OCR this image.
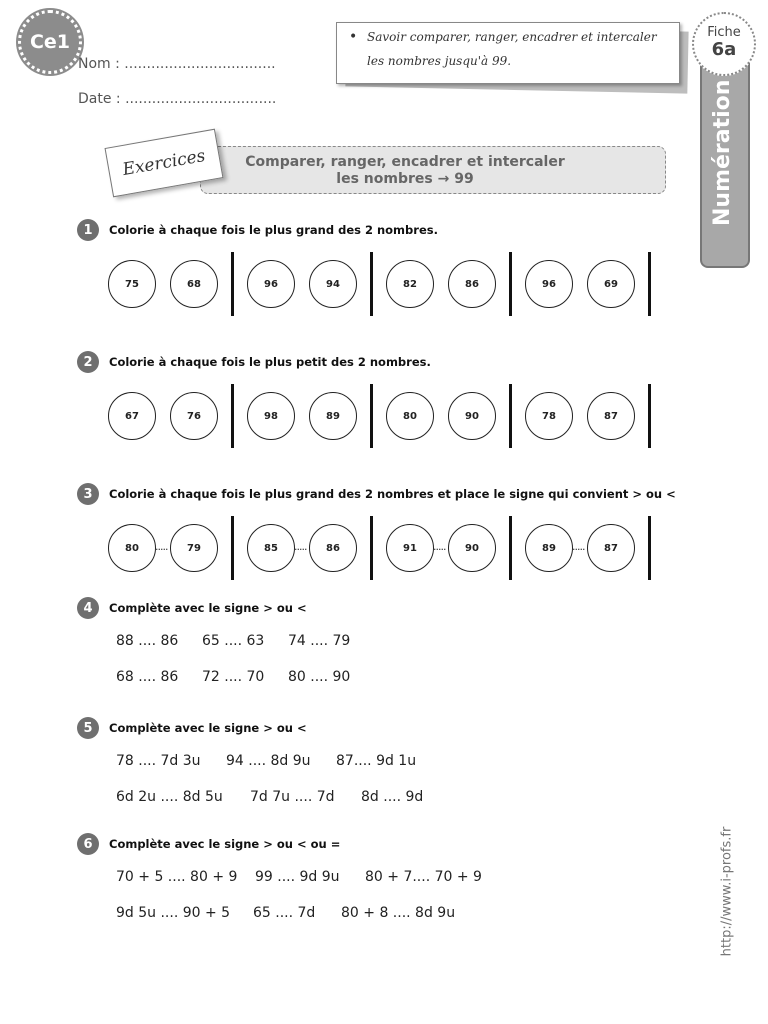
Ce1
Nom : ..................................
Date : ..................................
• Savoir comparer, ranger, encadrer et intercaler les nombres jusqu'à 99.
Numération
Fiche
6a
Comparer, ranger, encadrer et intercaler
les nombres → 99
Exercices
1	Colorie à chaque fois le plus grand des 2 nombres.
75	68	96	94	82	86	96	69
2	Colorie à chaque fois le plus petit des 2 nombres.
67	76	98	89	80	90	78	87
3	Colorie à chaque fois le plus grand des 2 nombres et place le signe qui convient > ou <
80	.....	79	85	.....	86	91	.....	90	89	.....	87
4	Complète avec le signe > ou <
88 .... 86 65 .... 63 74 .... 79
68 .... 86 72 .... 70 80 .... 90
5	Complète avec le signe > ou <
78 .... 7d 3u 94 .... 8d 9u 87.... 9d 1u
6d 2u .... 8d 5u 7d 7u .... 7d 8d .... 9d
6	Complète avec le signe > ou < ou =
70 + 5 .... 80 + 9 99 .... 9d 9u 80 + 7.... 70 + 9
9d 5u .... 90 + 5 65 .... 7d 80 + 8 .... 8d 9u	http://www.i-profs.fr
